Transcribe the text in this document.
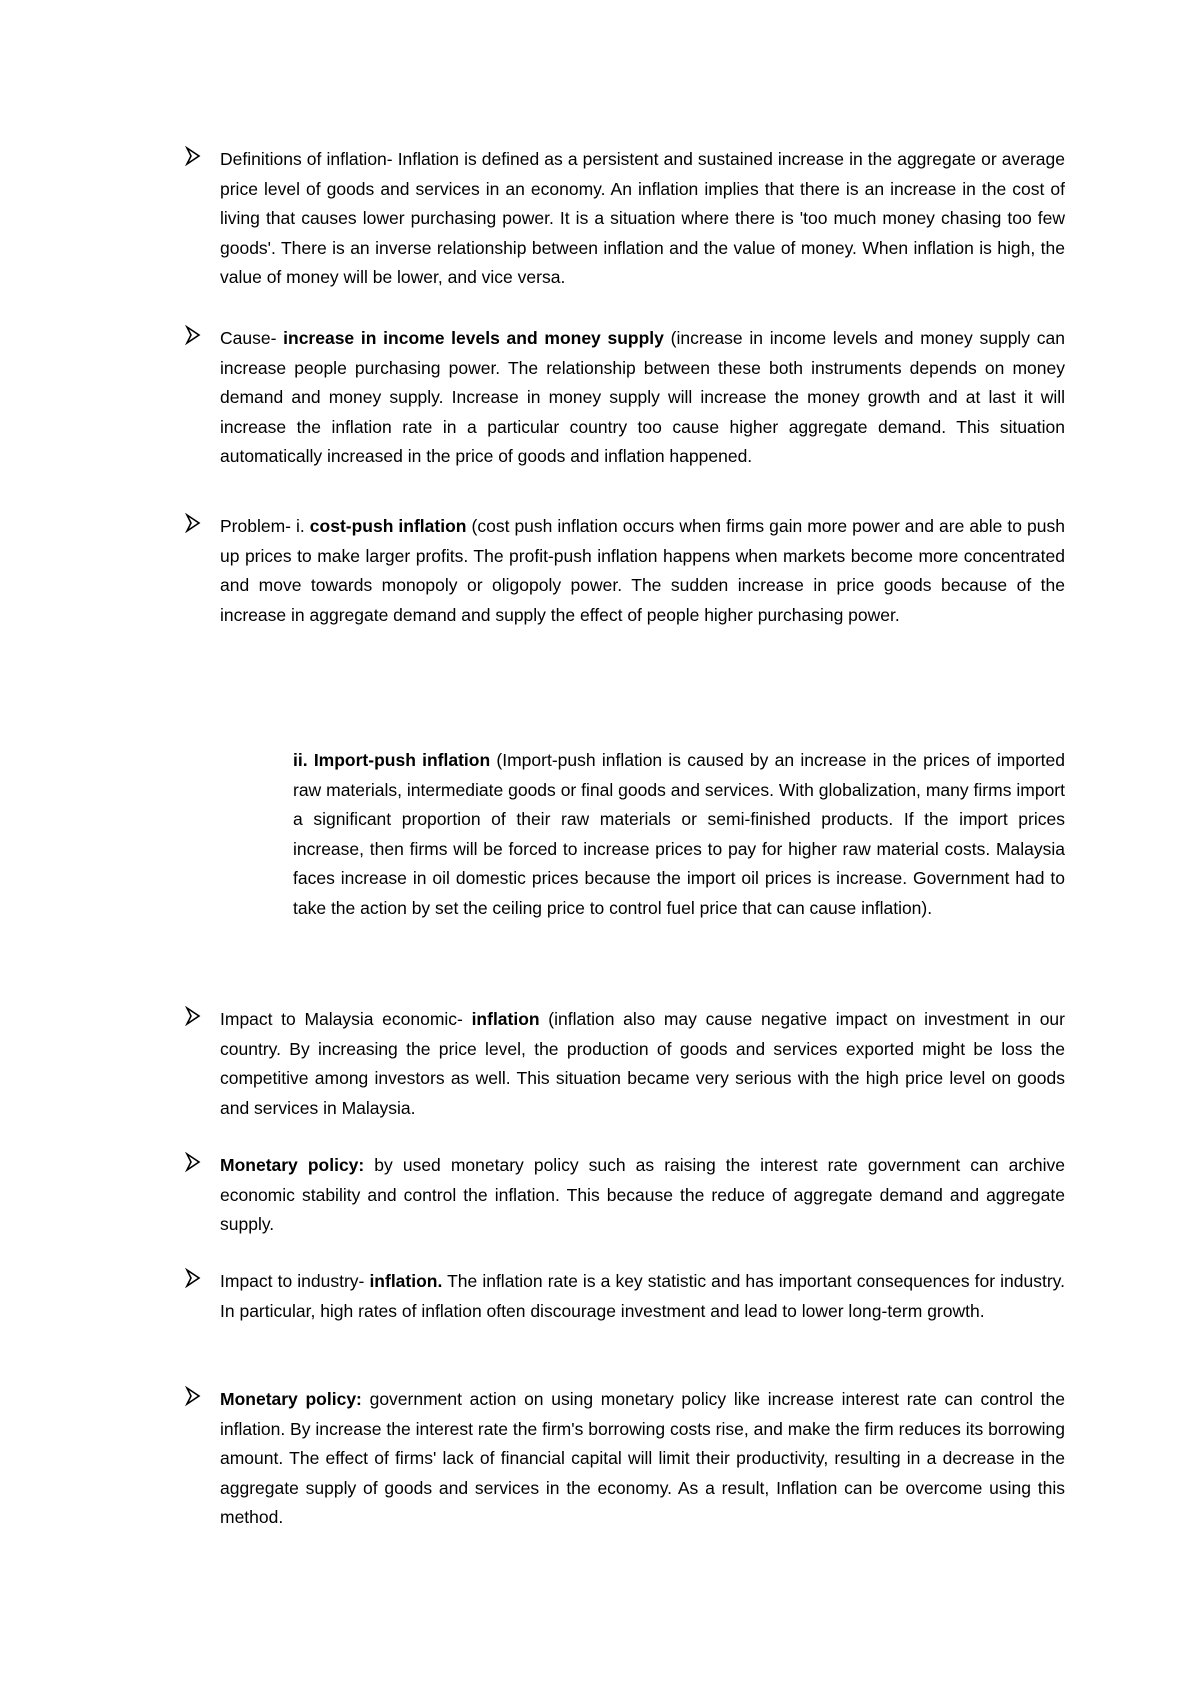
Definitions of inflation- Inflation is defined as a persistent and sustained increase in the aggregate or average price level of goods and services in an economy. An inflation implies that there is an increase in the cost of living that causes lower purchasing power. It is a situation where there is 'too much money chasing too few goods'. There is an inverse relationship between inflation and the value of money. When inflation is high, the value of money will be lower, and vice versa.
Cause- increase in income levels and money supply (increase in income levels and money supply can increase people purchasing power. The relationship between these both instruments depends on money demand and money supply. Increase in money supply will increase the money growth and at last it will increase the inflation rate in a particular country too cause higher aggregate demand. This situation automatically increased in the price of goods and inflation happened.
Problem- i. cost-push inflation (cost push inflation occurs when firms gain more power and are able to push up prices to make larger profits. The profit-push inflation happens when markets become more concentrated and move towards monopoly or oligopoly power. The sudden increase in price goods because of the increase in aggregate demand and supply the effect of people higher purchasing power.
ii. Import-push inflation (Import-push inflation is caused by an increase in the prices of imported raw materials, intermediate goods or final goods and services. With globalization, many firms import a significant proportion of their raw materials or semi-finished products. If the import prices increase, then firms will be forced to increase prices to pay for higher raw material costs. Malaysia faces increase in oil domestic prices because the import oil prices is increase. Government had to take the action by set the ceiling price to control fuel price that can cause inflation).
Impact to Malaysia economic- inflation (inflation also may cause negative impact on investment in our country. By increasing the price level, the production of goods and services exported might be loss the competitive among investors as well. This situation became very serious with the high price level on goods and services in Malaysia.
Monetary policy: by used monetary policy such as raising the interest rate government can archive economic stability and control the inflation. This because the reduce of aggregate demand and aggregate supply.
Impact to industry- inflation. The inflation rate is a key statistic and has important consequences for industry. In particular, high rates of inflation often discourage investment and lead to lower long-term growth.
Monetary policy: government action on using monetary policy like increase interest rate can control the inflation. By increase the interest rate the firm's borrowing costs rise, and make the firm reduces its borrowing amount. The effect of firms' lack of financial capital will limit their productivity, resulting in a decrease in the aggregate supply of goods and services in the economy. As a result, Inflation can be overcome using this method.
